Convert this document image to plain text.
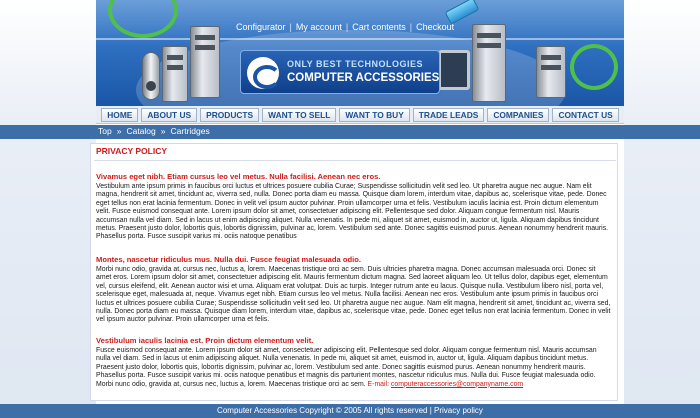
ONLY BEST TECHNOLOGIES
COMPUTER ACCESSORIES
Configurator | My account | Cart contents | Checkout
HOME	ABOUT US	PRODUCTS	WANT TO SELL	WANT TO BUY	TRADE LEADS	COMPANIES	CONTACT US
Top » Catalog » Cartridges
PRIVACY POLICY
Vivamus eget nibh. Etiam cursus leo vel metus. Nulla facilisi. Aenean nec eros.
Vestibulum ante ipsum primis in faucibus orci luctus et ultrices posuere cubilia Curae; Suspendisse sollicitudin velit sed leo. Ut pharetra augue nec augue. Nam elit magna, hendrerit sit amet, tincidunt ac, viverra sed, nulla. Donec porta diam eu massa. Quisque diam lorem, interdum vitae, dapibus ac, scelerisque vitae, pede. Donec eget tellus non erat lacinia fermentum. Donec in velit vel ipsum auctor pulvinar. Proin ullamcorper urna et felis. Vestibulum iaculis lacinia est. Proin dictum elementum velit. Fusce euismod consequat ante. Lorem ipsum dolor sit amet, consectetuer adipiscing elit. Pellentesque sed dolor. Aliquam congue fermentum nisl. Mauris accumsan nulla vel diam. Sed in lacus ut enim adipiscing aliquet. Nulla venenatis. In pede mi, aliquet sit amet, euismod in, auctor ut, ligula. Aliquam dapibus tincidunt metus. Praesent justo dolor, lobortis quis, lobortis dignissim, pulvinar ac, lorem. Vestibulum sed ante. Donec sagittis euismod purus. Aenean nonummy hendrerit mauris. Phasellus porta. Fusce suscipit varius mi. ociis natoque penatibus
Montes, nascetur ridiculus mus. Nulla dui. Fusce feugiat malesuada odio.
Morbi nunc odio, gravida at, cursus nec, luctus a, lorem. Maecenas tristique orci ac sem. Duis ultricies pharetra magna. Donec accumsan malesuada orci. Donec sit amet eros. Lorem ipsum dolor sit amet, consectetuer adipiscing elit. Mauris fermentum dictum magna. Sed laoreet aliquam leo. Ut tellus dolor, dapibus eget, elementum vel, cursus eleifend, elit. Aenean auctor wisi et urna. Aliquam erat volutpat. Duis ac turpis. Integer rutrum ante eu lacus. Quisque nulla. Vestibulum libero nisl, porta vel, scelerisque eget, malesuada at, neque. Vivamus eget nibh. Etiam cursus leo vel metus. Nulla facilisi. Aenean nec eros. Vestibulum ante ipsum primis in faucibus orci luctus et ultrices posuere cubilia Curae; Suspendisse sollicitudin velit sed leo. Ut pharetra augue nec augue. Nam elit magna, hendrerit sit amet, tincidunt ac, viverra sed, nulla. Donec porta diam eu massa. Quisque diam lorem, interdum vitae, dapibus ac, scelerisque vitae, pede. Donec eget tellus non erat lacinia fermentum. Donec in velit vel ipsum auctor pulvinar. Proin ullamcorper urna et felis.
Vestibulum iaculis lacinia est. Proin dictum elementum velit.
Fusce euismod consequat ante. Lorem ipsum dolor sit amet, consectetuer adipiscing elit. Pellentesque sed dolor. Aliquam congue fermentum nisl. Mauris accumsan nulla vel diam. Sed in lacus ut enim adipiscing aliquet. Nulla venenatis. In pede mi, aliquet sit amet, euismod in, auctor ut, ligula. Aliquam dapibus tincidunt metus. Praesent justo dolor, lobortis quis, lobortis dignissim, pulvinar ac, lorem. Vestibulum sed ante. Donec sagittis euismod purus. Aenean nonummy hendrerit mauris. Phasellus porta. Fusce suscipit varius mi. ociis natoque penatibus et magnis dis parturient montes, nascetur ridiculus mus. Nulla dui. Fusce feugiat malesuada odio. Morbi nunc odio, gravida at, cursus nec, luctus a, lorem. Maecenas tristique orci ac sem. E-mail: computeraccessories@companyname.com
Computer Accessories Copyright © 2005 All rights reserved | Privacy policy
